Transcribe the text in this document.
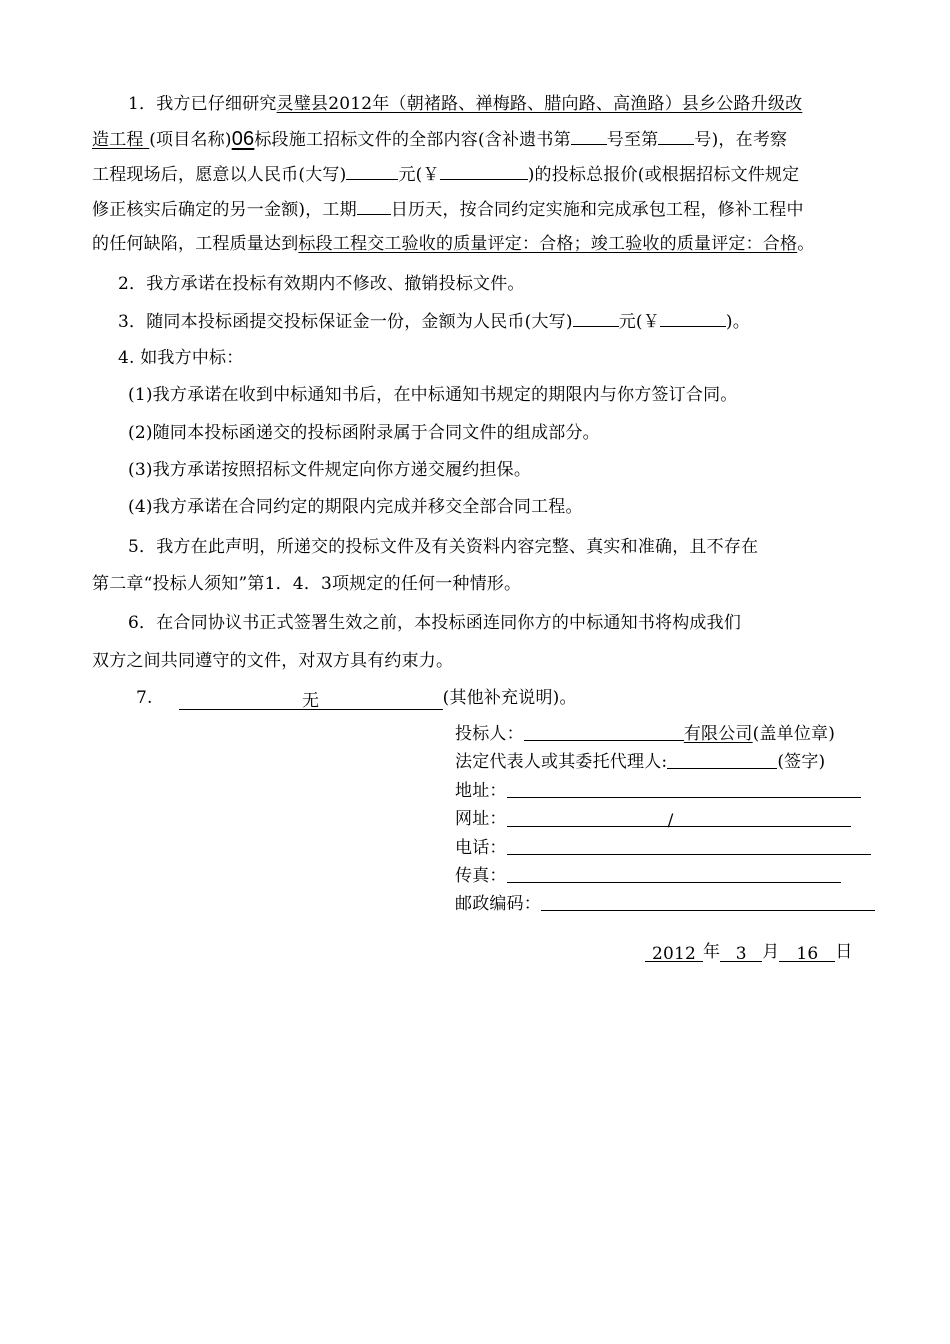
1．我方已仔细研究灵璧县2012年（朝褚路、禅梅路、腊向路、高渔路）县乡公路升级改
造工程 (项目名称)06标段施工招标文件的全部内容(含补遗书第 号至第 号)，在考察
工程现场后，愿意以人民币(大写)	元(￥	)的投标总报价(或根据招标文件规定
修正核实后确定的另一金额)，工期 日历天，按合同约定实施和完成承包工程，修补工程中
的任何缺陷，工程质量达到标段工程交工验收的质量评定：合格；竣工验收的质量评定：合格。
2．我方承诺在投标有效期内不修改、撤销投标文件。
3．随同本投标函提交投标保证金一份，金额为人民币(大写)	元(￥	)。
4. 如我方中标：
(1)我方承诺在收到中标通知书后，在中标通知书规定的期限内与你方签订合同。
(2)随同本投标函递交的投标函附录属于合同文件的组成部分。
(3)我方承诺按照招标文件规定向你方递交履约担保。
(4)我方承诺在合同约定的期限内完成并移交全部合同工程。
5．我方在此声明，所递交的投标文件及有关资料内容完整、真实和准确，且不存在
第二章“投标人须知”第1．4．3项规定的任何一种情形。
6．在合同协议书正式签署生效之前，本投标函连同你方的中标通知书将构成我们
双方之间共同遵守的文件，对双方具有约束力。
7.	无	(其他补充说明)。
投标人：	有限公司(盖单位章)
法定代表人或其委托代理人:	(签字)
地址：
网址：	/
电话：
传真：
邮政编码：
2012 年 3 月 16 日
